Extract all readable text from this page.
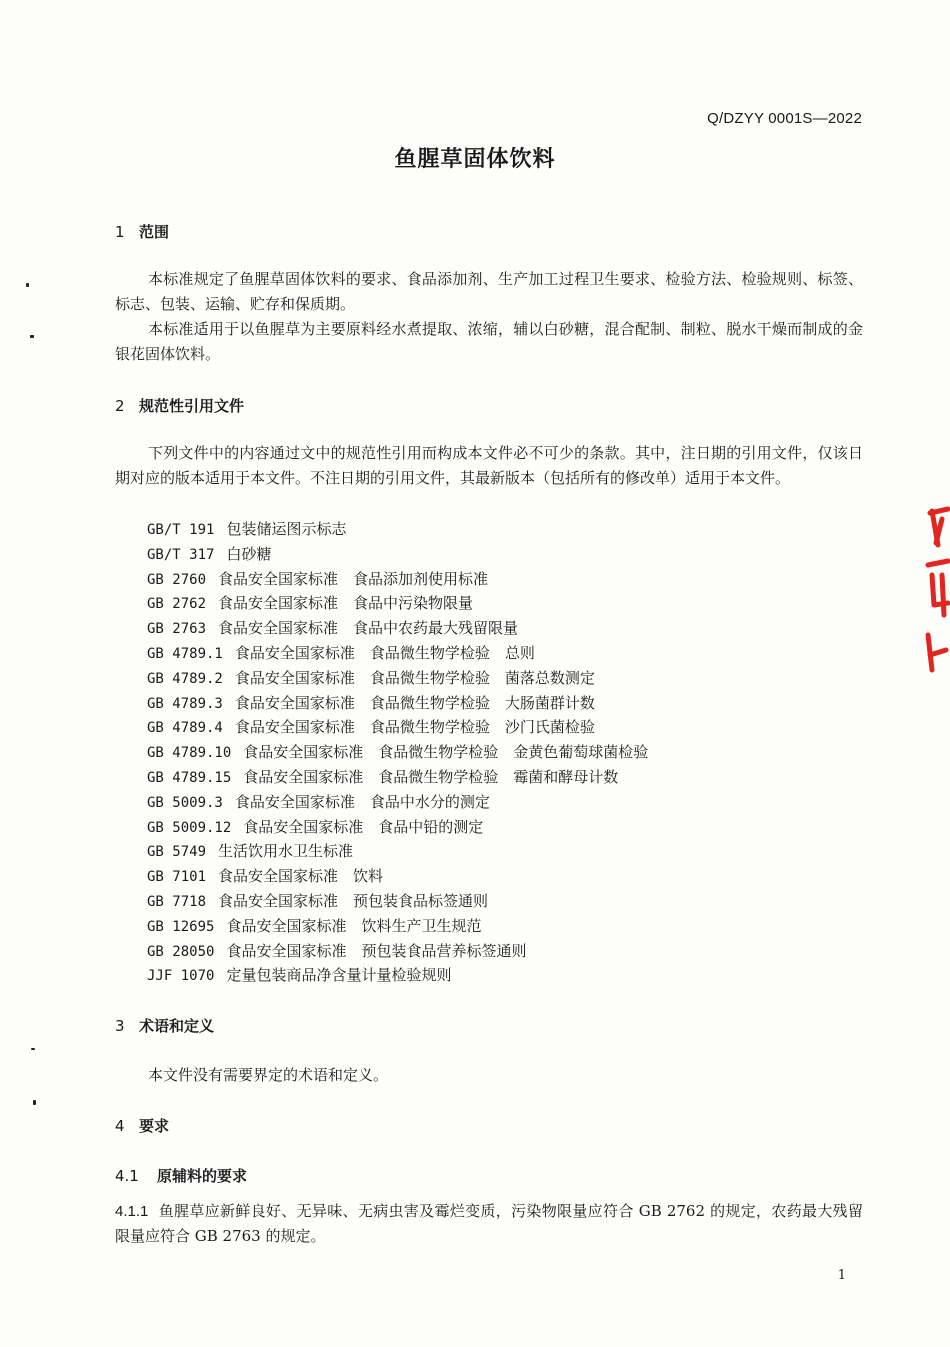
Q/DZYY 0001S—2022
鱼腥草固体饮料
1 范围
本标准规定了鱼腥草固体饮料的要求、食品添加剂、生产加工过程卫生要求、检验方法、检验规则、标签、标志、包装、运输、贮存和保质期。
本标准适用于以鱼腥草为主要原料经水煮提取、浓缩，辅以白砂糖，混合配制、制粒、脱水干燥而制成的金银花固体饮料。
2 规范性引用文件
下列文件中的内容通过文中的规范性引用而构成本文件必不可少的条款。其中，注日期的引用文件，仅该日期对应的版本适用于本文件。不注日期的引用文件，其最新版本（包括所有的修改单）适用于本文件。
GB/T 191 包装储运图示标志
GB/T 317 白砂糖
GB 2760 食品安全国家标准　食品添加剂使用标准
GB 2762 食品安全国家标准　食品中污染物限量
GB 2763 食品安全国家标准　食品中农药最大残留限量
GB 4789.1 食品安全国家标准　食品微生物学检验　总则
GB 4789.2 食品安全国家标准　食品微生物学检验　菌落总数测定
GB 4789.3 食品安全国家标准　食品微生物学检验　大肠菌群计数
GB 4789.4 食品安全国家标准　食品微生物学检验　沙门氏菌检验
GB 4789.10 食品安全国家标准　食品微生物学检验　金黄色葡萄球菌检验
GB 4789.15 食品安全国家标准　食品微生物学检验　霉菌和酵母计数
GB 5009.3 食品安全国家标准　食品中水分的测定
GB 5009.12 食品安全国家标准　食品中铅的测定
GB 5749 生活饮用水卫生标准
GB 7101 食品安全国家标准　饮料
GB 7718 食品安全国家标准　预包装食品标签通则
GB 12695 食品安全国家标准　饮料生产卫生规范
GB 28050 食品安全国家标准　预包装食品营养标签通则
JJF 1070 定量包装商品净含量计量检验规则
3 术语和定义
本文件没有需要界定的术语和定义。
4 要求
4.1 原辅料的要求
4.1.1 鱼腥草应新鲜良好、无异味、无病虫害及霉烂变质，污染物限量应符合 GB 2762 的规定，农药最大残留限量应符合 GB 2763 的规定。
1
